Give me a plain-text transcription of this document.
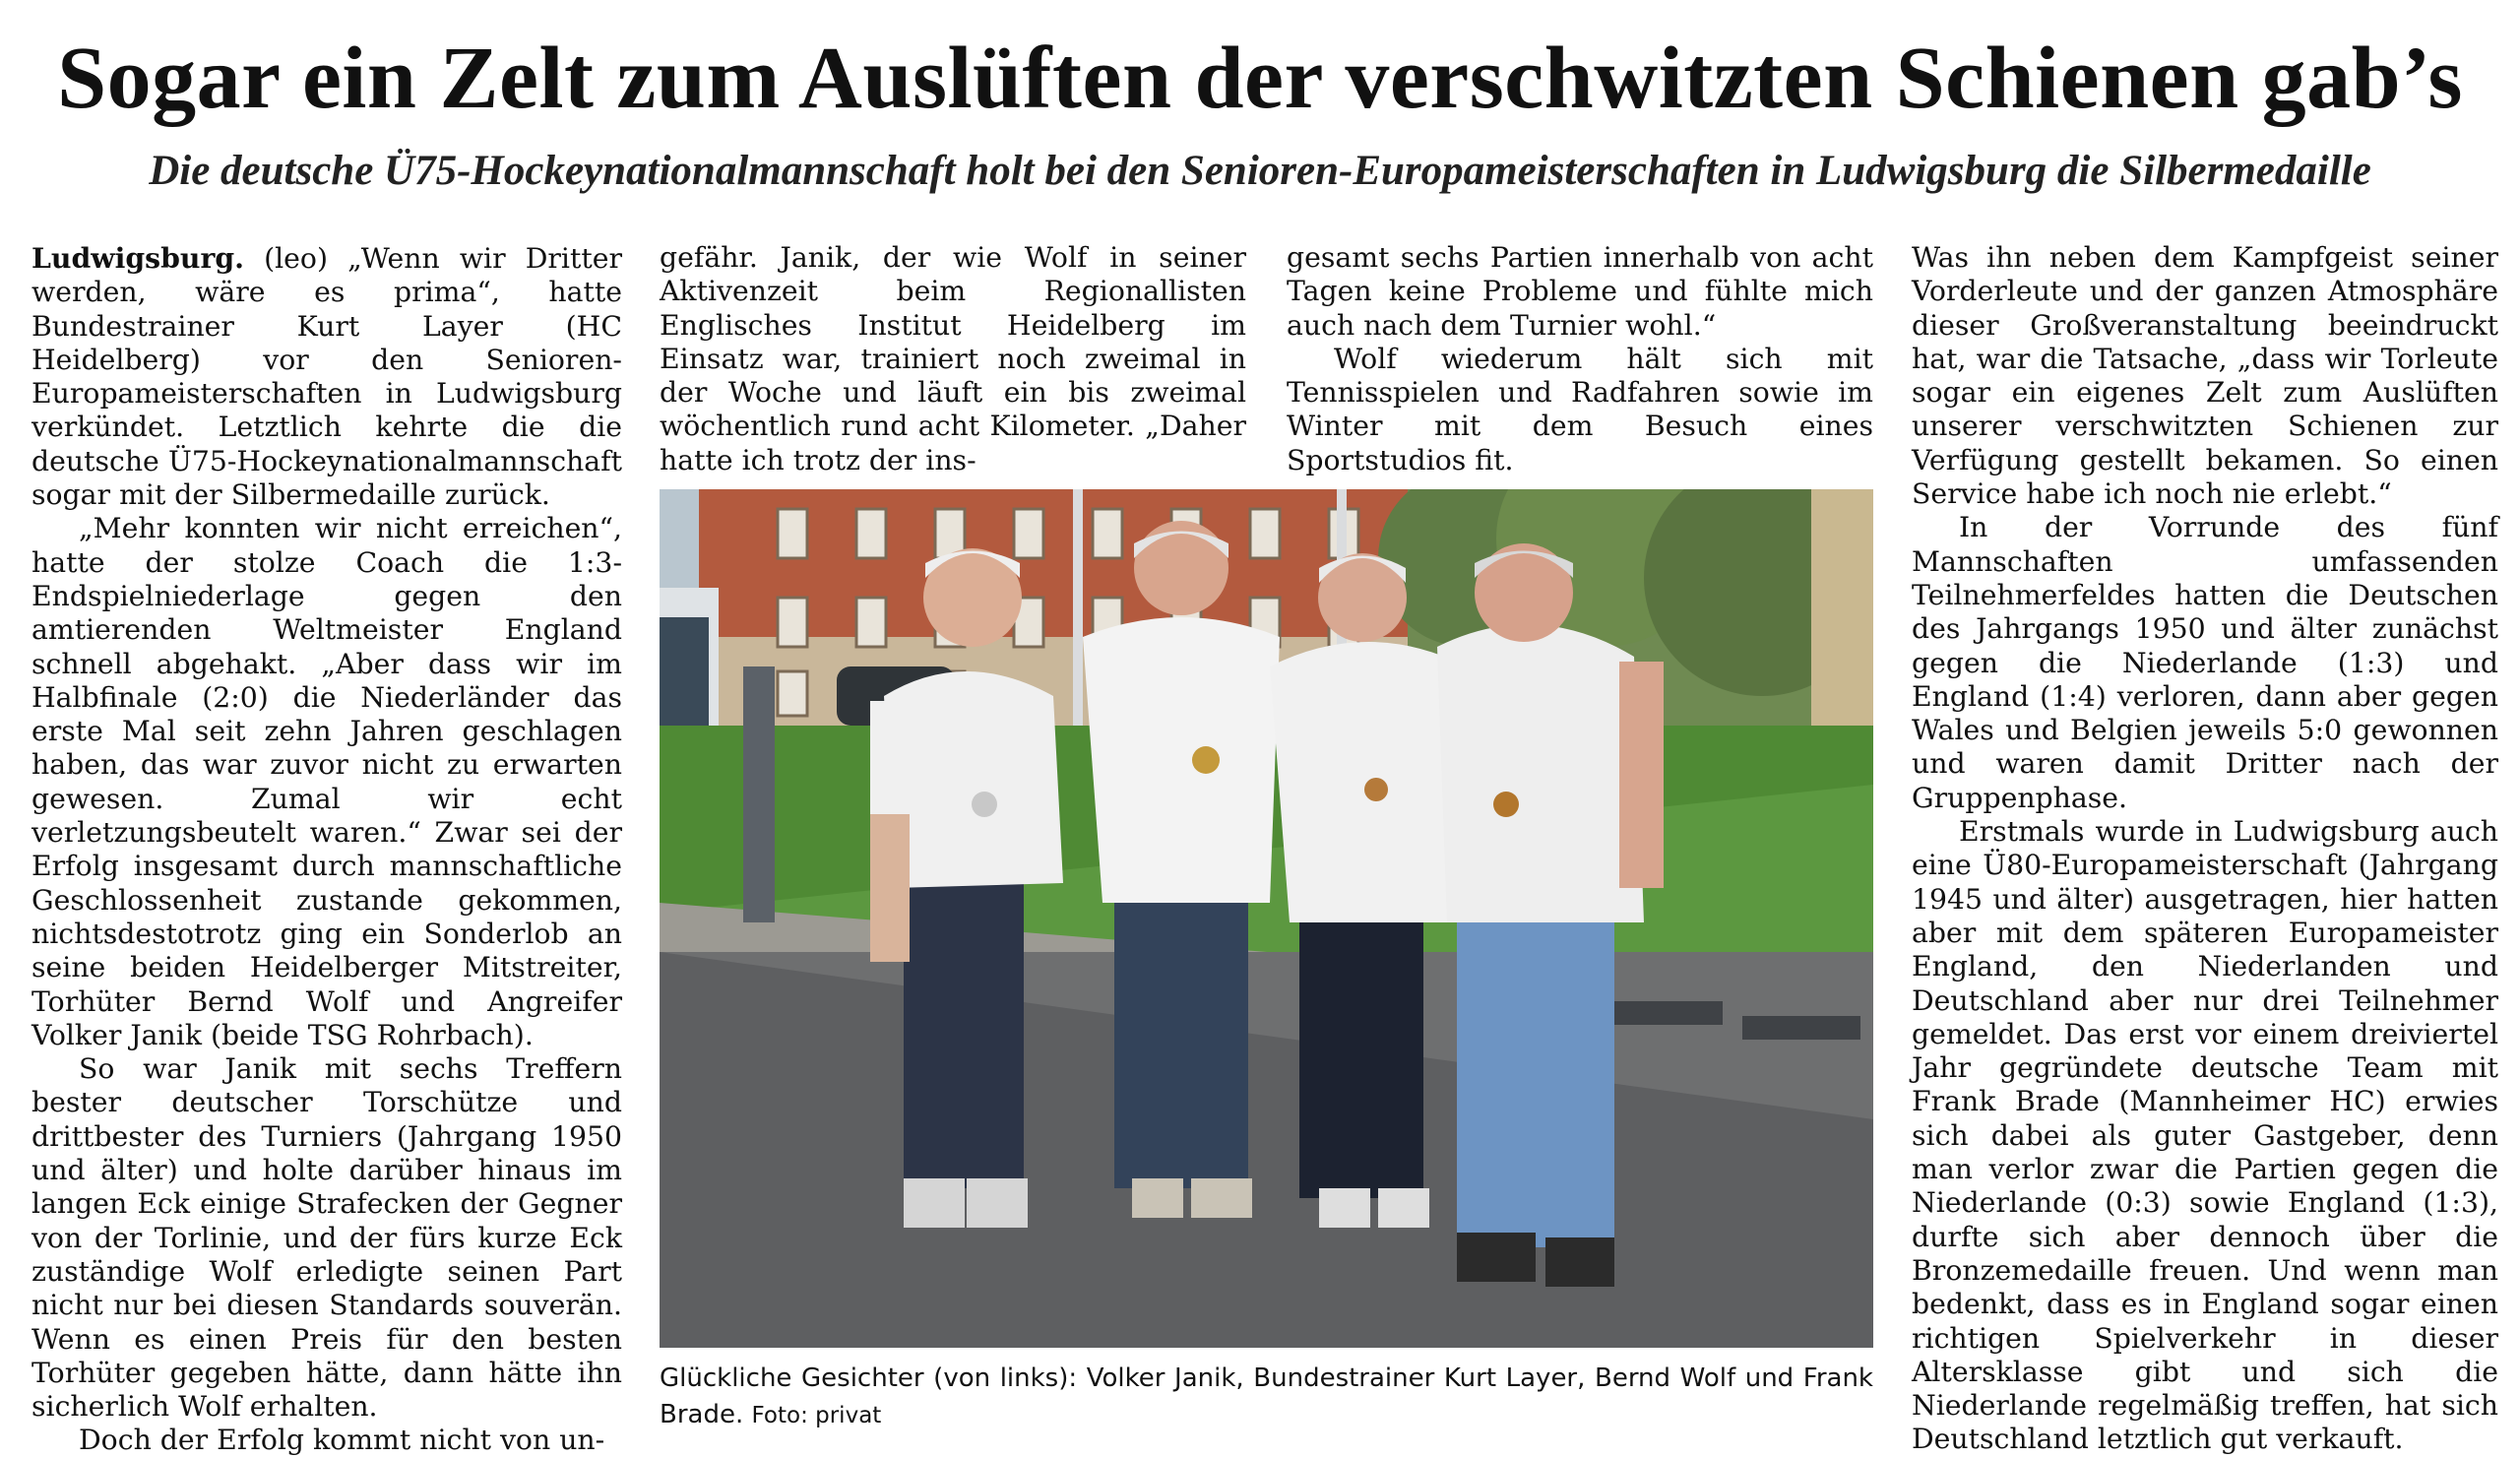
Sogar ein Zelt zum Auslüften der verschwitzten Schienen gab’s
Die deutsche Ü75-Hockeynationalmannschaft holt bei den Senioren-Europameisterschaften in Ludwigsburg die Silbermedaille

Ludwigsburg. (leo) „Wenn wir Dritter werden, wäre es prima“, hatte Bundestrainer Kurt Layer (HC Heidelberg) vor den Senioren-Europameisterschaften in Ludwigsburg verkündet. Letztlich kehrte die die deutsche Ü75-Hockeynationalmannschaft sogar mit der Silbermedaille zurück.

„Mehr konnten wir nicht erreichen“, hatte der stolze Coach die 1:3-Endspielniederlage gegen den amtierenden Weltmeister England schnell abgehakt. „Aber dass wir im Halbfinale (2:0) die Niederländer das erste Mal seit zehn Jahren geschlagen haben, das war zuvor nicht zu erwarten gewesen. Zumal wir echt verletzungsbeutelt waren.“ Zwar sei der Erfolg insgesamt durch mannschaftliche Geschlossenheit zustande gekommen, nichtsdestotrotz ging ein Sonderlob an seine beiden Heidelberger Mitstreiter, Torhüter Bernd Wolf und Angreifer Volker Janik (beide TSG Rohrbach).

So war Janik mit sechs Treffern bester deutscher Torschütze und drittbester des Turniers (Jahrgang 1950 und älter) und holte darüber hinaus im langen Eck einige Strafecken der Gegner von der Torlinie, und der fürs kurze Eck zuständige Wolf erledigte seinen Part nicht nur bei diesen Standards souverän. Wenn es einen Preis für den besten Torhüter gegeben hätte, dann hätte ihn sicherlich Wolf erhalten.

Doch der Erfolg kommt nicht von un-

gefähr. Janik, der wie Wolf in seiner Aktivenzeit beim Regionallisten Englisches Institut Heidelberg im Einsatz war, trainiert noch zweimal in der Woche und läuft ein bis zweimal wöchentlich rund acht Kilometer. „Daher hatte ich trotz der ins-

gesamt sechs Partien innerhalb von acht Tagen keine Probleme und fühlte mich auch nach dem Turnier wohl.“

Wolf wiederum hält sich mit Tennisspielen und Radfahren sowie im Winter mit dem Besuch eines Sportstudios fit.

Was ihn neben dem Kampfgeist seiner Vorderleute und der ganzen Atmosphäre dieser Großveranstaltung beeindruckt hat, war die Tatsache, „dass wir Torleute sogar ein eigenes Zelt zum Auslüften unserer verschwitzten Schienen zur Verfügung gestellt bekamen. So einen Service habe ich noch nie erlebt.“

In der Vorrunde des fünf Mannschaften umfassenden Teilnehmerfeldes hatten die Deutschen des Jahrgangs 1950 und älter zunächst gegen die Niederlande (1:3) und England (1:4) verloren, dann aber gegen Wales und Belgien jeweils 5:0 gewonnen und waren damit Dritter nach der Gruppenphase.

Erstmals wurde in Ludwigsburg auch eine Ü80-Europameisterschaft (Jahrgang 1945 und älter) ausgetragen, hier hatten aber mit dem späteren Europameister England, den Niederlanden und Deutschland aber nur drei Teilnehmer gemeldet. Das erst vor einem dreiviertel Jahr gegründete deutsche Team mit Frank Brade (Mannheimer HC) erwies sich dabei als guter Gastgeber, denn man verlor zwar die Partien gegen die Niederlande (0:3) sowie England (1:3), durfte sich aber dennoch über die Bronzemedaille freuen. Und wenn man bedenkt, dass es in England sogar einen richtigen Spielverkehr in dieser Altersklasse gibt und sich die Niederlande regelmäßig treffen, hat sich Deutschland letztlich gut verkauft.

Glückliche Gesichter (von links): Volker Janik, Bundestrainer Kurt Layer, Bernd Wolf und Frank Brade. Foto: privat
